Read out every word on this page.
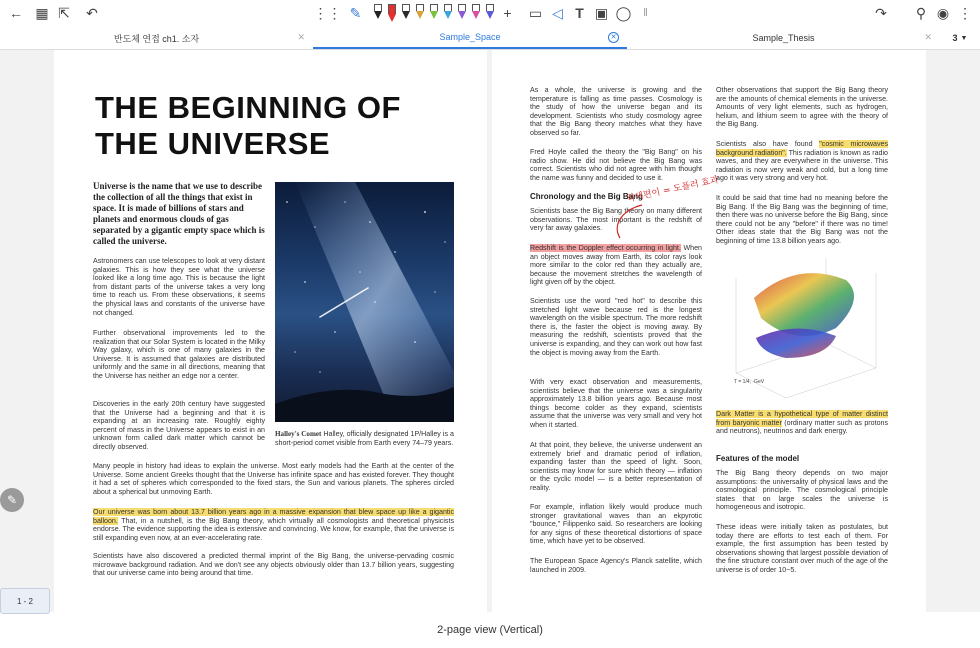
← ▦ ⇱	↶	⋮⋮ ✎	+	▭ ◁ T ▣ ◯	‖	↷	⚲ ◉ ⋮
반도체 연접 ch1. 소자	✕	Sample_Space	✕	Sample_Thesis	✕ 3 ▼
THE BEGINNING OF THE UNIVERSE
Universe is the name that we use to describe the collection of all the things that exist in space. It is made of billions of stars and planets and enormous clouds of gas separated by a gigantic empty space which is called the universe.
Astronomers can use telescopes to look at very distant galaxies. This is how they see what the universe looked like a long time ago. This is because the light from distant parts of the universe takes a very long time to reach us. From these observations, it seems the physical laws and constants of the universe have not changed.
Further observational improvements led to the realization that our Solar System is located in the Milky Way galaxy, which is one of many galaxies in the Universe. It is assumed that galaxies are distributed uniformly and the same in all directions, meaning that the Universe has neither an edge nor a center.
Discoveries in the early 20th century have suggested that the Universe had a beginning and that it is expanding at an increasing rate. Roughly eighty percent of mass in the Universe appears to exist in an unknown form called dark matter which cannot be directly observed.
Halley's Comet Halley, officially designated 1P/Halley is a short-period comet visible from Earth every 74–79 years.
Many people in history had ideas to explain the universe. Most early models had the Earth at the center of the Universe. Some ancient Greeks thought that the Universe has infinite space and has existed forever. They thought it had a set of spheres which corresponded to the fixed stars, the Sun and various planets. The spheres circled about a spherical but unmoving Earth.
Our universe was born about 13.7 billion years ago in a massive expansion that blew space up like a gigantic balloon. That, in a nutshell, is the Big Bang theory, which virtually all cosmologists and theoretical physicists endorse. The evidence supporting the idea is extensive and convincing. We know, for example, that the universe is still expanding even now, at an ever-accelerating rate.
Scientists have also discovered a predicted thermal imprint of the Big Bang, the universe-pervading cosmic microwave background radiation. And we don't see any objects obviously older than 13.7 billion years, suggesting that our universe came into being around that time.
As a whole, the universe is growing and the temperature is falling as time passes. Cosmology is the study of how the universe began and its development. Scientists who study cosmology agree that the Big Bang theory matches what they have observed so far.
Fred Hoyle called the theory the "Big Bang" on his radio show. He did not believe the Big Bang was correct. Scientists who did not agree with him thought the name was funny and decided to use it.
Chronology and the Big Bang
Scientists base the Big Bang theory on many different observations. The most important is the redshift of very far away galaxies.
Redshift is the Doppler effect occurring in light. When an object moves away from Earth, its color rays look more similar to the color red than they actually are, because the movement stretches the wavelength of light given off by the object.
Scientists use the word "red hot" to describe this stretched light wave because red is the longest wavelength on the visible spectrum. The more redshift there is, the faster the object is moving away. By measuring the redshift, scientists proved that the universe is expanding, and they can work out how fast the object is moving away from the Earth.
With very exact observation and measurements, scientists believe that the universe was a singularity approximately 13.8 billion years ago. Because most things become colder as they expand, scientists assume that the universe was very small and very hot when it started.
At that point, they believe, the universe underwent an extremely brief and dramatic period of inflation, expanding faster than the speed of light. Soon, scientists may know for sure which theory — inflation or the cyclic model — is a better representation of reality.
For example, inflation likely would produce much stronger gravitational waves than an ekpyrotic "bounce," Filippenko said. So researchers are looking for any signs of these theoretical distortions of space time, which have yet to be observed.
The European Space Agency's Planck satellite, which launched in 2009.
적색편이 = 도플러 효과
Other observations that support the Big Bang theory are the amounts of chemical elements in the universe. Amounts of very light elements, such as hydrogen, helium, and lithium seem to agree with the theory of the Big Bang.
Scientists also have found "cosmic microwaves background radiation". This radiation is known as radio waves, and they are everywhere in the universe. This radiation is now very weak and cold, but a long time ago it was very strong and very hot.
It could be said that time had no meaning before the Big Bang. If the Big Bang was the beginning of time, then there was no universe before the Big Bang, since there could not be any "before" if there was no time! Other ideas state that the Big Bang was not the beginning of time 13.8 billion years ago.
·
·
·
T = 1/4, ·GeV
Dark Matter is a hypothetical type of matter distinct from baryonic matter (ordinary matter such as protons and neutrons), neutrinos and dark energy.
Features of the model
The Big Bang theory depends on two major assumptions: the universality of physical laws and the cosmological principle. The cosmological principle states that on large scales the universe is homogeneous and isotropic.
These ideas were initially taken as postulates, but today there are efforts to test each of them. For example, the first assumption has been tested by observations showing that largest possible deviation of the fine structure constant over much of the age of the universe is of order 10−5.
✎
1 - 2
2-page view (Vertical)
